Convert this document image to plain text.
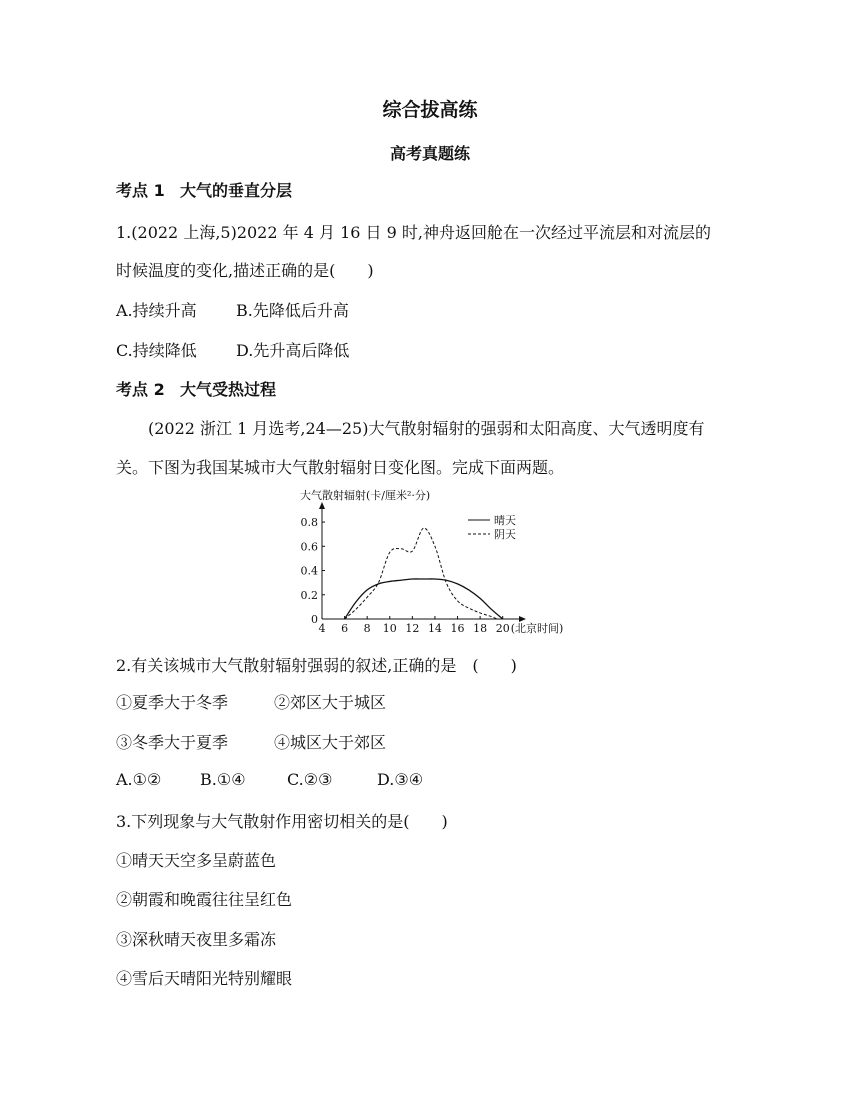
综合拔高练
高考真题练
考点 1 大气的垂直分层
1.(2022 上海,5)2022 年 4 月 16 日 9 时,神舟返回舱在一次经过平流层和对流层的
时候温度的变化,描述正确的是(　　)
A.持续升高 B.先降低后升高
C.持续降低 D.先升高后降低
考点 2 大气受热过程
(2022 浙江 1 月选考,24—25)大气散射辐射的强弱和太阳高度、大气透明度有
关。下图为我国某城市大气散射辐射日变化图。完成下面两题。
大气散射辐射(卡/厘米²·分)
4 6 8 10 12 14 16 18 20 (北京时间)
0
0.2
0.4
0.6
0.8	晴天
阴天
2.有关该城市大气散射辐射强弱的叙述,正确的是　(　　)
①夏季大于冬季	②郊区大于城区
③冬季大于夏季	④城区大于郊区
A.①② B.①④	C.②③	D.③④
3.下列现象与大气散射作用密切相关的是(　　)
①晴天天空多呈蔚蓝色
②朝霞和晚霞往往呈红色
③深秋晴天夜里多霜冻
④雪后天晴阳光特别耀眼
